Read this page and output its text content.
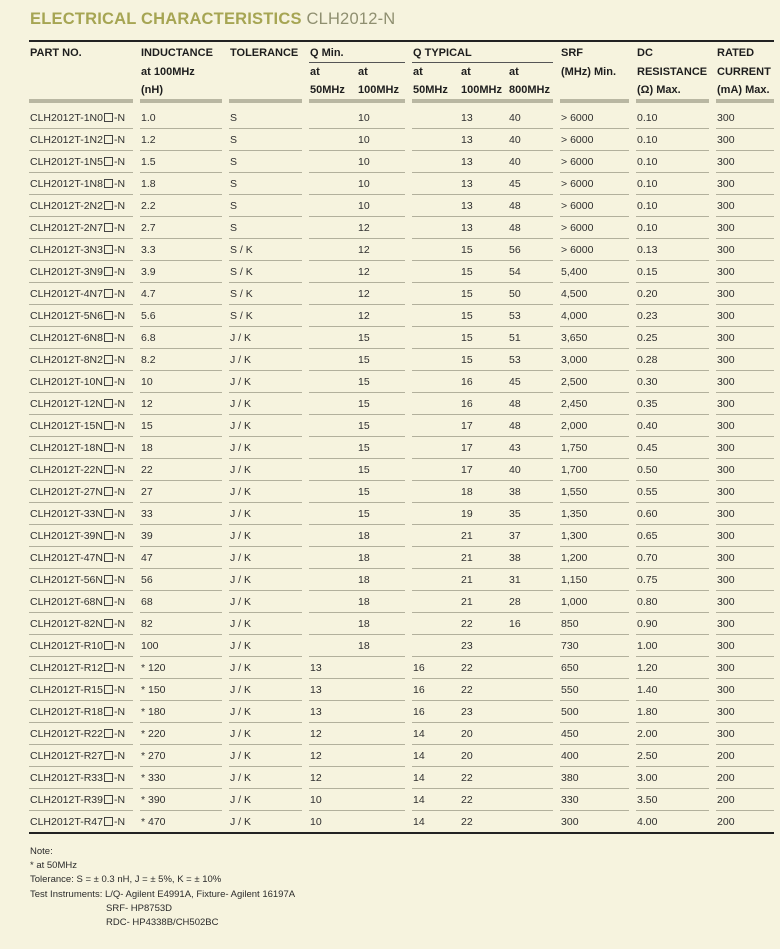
ELECTRICAL CHARACTERISTICS CLH2012-N
PART NO.		INDUCTANCE		TOLERANCE		Q Min.			Q TYPICAL				SRF		DC		RATED
		at 100MHz				at	at		at	at	at		(MHz) Min.		RESISTANCE		CURRENT
		(nH)				50MHz	100MHz		50MHz	100MHz	800MHz				(Ω) Max.		(mA) Max.

CLH2012T-1N0 -N		1.0		S			10			13	40		> 6000		0.10		300
CLH2012T-1N2 -N		1.2		S			10			13	40		> 6000		0.10		300
CLH2012T-1N5 -N		1.5		S			10			13	40		> 6000		0.10		300
CLH2012T-1N8 -N		1.8		S			10			13	45		> 6000		0.10		300
CLH2012T-2N2 -N		2.2		S			10			13	48		> 6000		0.10		300
CLH2012T-2N7 -N		2.7		S			12			13	48		> 6000		0.10		300
CLH2012T-3N3 -N		3.3		S / K			12			15	56		> 6000		0.13		300
CLH2012T-3N9 -N		3.9		S / K			12			15	54		5,400		0.15		300
CLH2012T-4N7 -N		4.7		S / K			12			15	50		4,500		0.20		300
CLH2012T-5N6 -N		5.6		S / K			12			15	53		4,000		0.23		300
CLH2012T-6N8 -N		6.8		J / K			15			15	51		3,650		0.25		300
CLH2012T-8N2 -N		8.2		J / K			15			15	53		3,000		0.28		300
CLH2012T-10N -N		10		J / K			15			16	45		2,500		0.30		300
CLH2012T-12N -N		12		J / K			15			16	48		2,450		0.35		300
CLH2012T-15N -N		15		J / K			15			17	48		2,000		0.40		300
CLH2012T-18N -N		18		J / K			15			17	43		1,750		0.45		300
CLH2012T-22N -N		22		J / K			15			17	40		1,700		0.50		300
CLH2012T-27N -N		27		J / K			15			18	38		1,550		0.55		300
CLH2012T-33N -N		33		J / K			15			19	35		1,350		0.60		300
CLH2012T-39N -N		39		J / K			18			21	37		1,300		0.65		300
CLH2012T-47N -N		47		J / K			18			21	38		1,200		0.70		300
CLH2012T-56N -N		56		J / K			18			21	31		1,150		0.75		300
CLH2012T-68N -N		68		J / K			18			21	28		1,000		0.80		300
CLH2012T-82N -N		82		J / K			18			22	16		850		0.90		300
CLH2012T-R10 -N		100		J / K			18			23			730		1.00		300
CLH2012T-R12 -N		* 120		J / K		13			16	22			650		1.20		300
CLH2012T-R15 -N		* 150		J / K		13			16	22			550		1.40		300
CLH2012T-R18 -N		* 180		J / K		13			16	23			500		1.80		300
CLH2012T-R22 -N		* 220		J / K		12			14	20			450		2.00		300
CLH2012T-R27 -N		* 270		J / K		12			14	20			400		2.50		200
CLH2012T-R33 -N		* 330		J / K		12			14	22			380		3.00		200
CLH2012T-R39 -N		* 390		J / K		10			14	22			330		3.50		200
CLH2012T-R47 -N		* 470		J / K		10			14	22			300		4.00		200
Note:
* at 50MHz
Tolerance: S = ± 0.3 nH, J = ± 5%, K = ± 10%
Test Instruments: L/Q- Agilent E4991A, Fixture- Agilent 16197A
SRF- HP8753D
RDC- HP4338B/CH502BC
